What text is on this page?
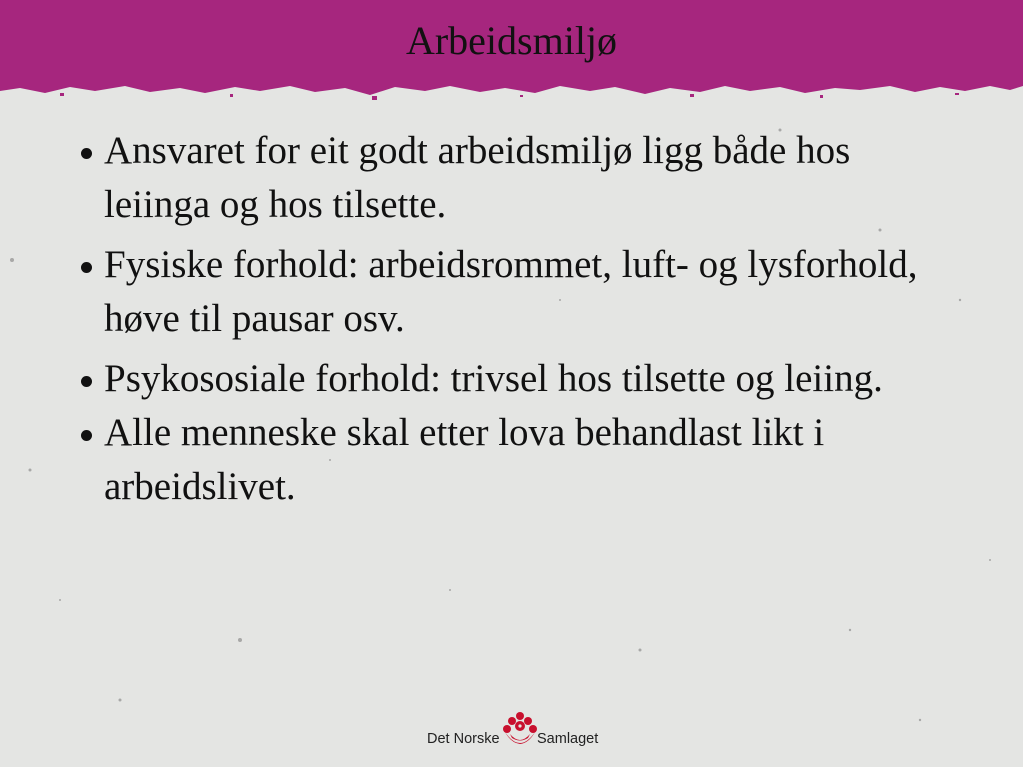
Arbeidsmiljø
Ansvaret for eit godt arbeidsmiljø ligg både hos leiinga og hos tilsette.
Fysiske forhold: arbeidsrommet, luft- og lysforhold, høve til pausar osv.
Psykososiale forhold: trivsel hos tilsette og leiing.
Alle menneske skal etter lova behandlast likt i arbeidslivet.
Det Norske	Samlaget
